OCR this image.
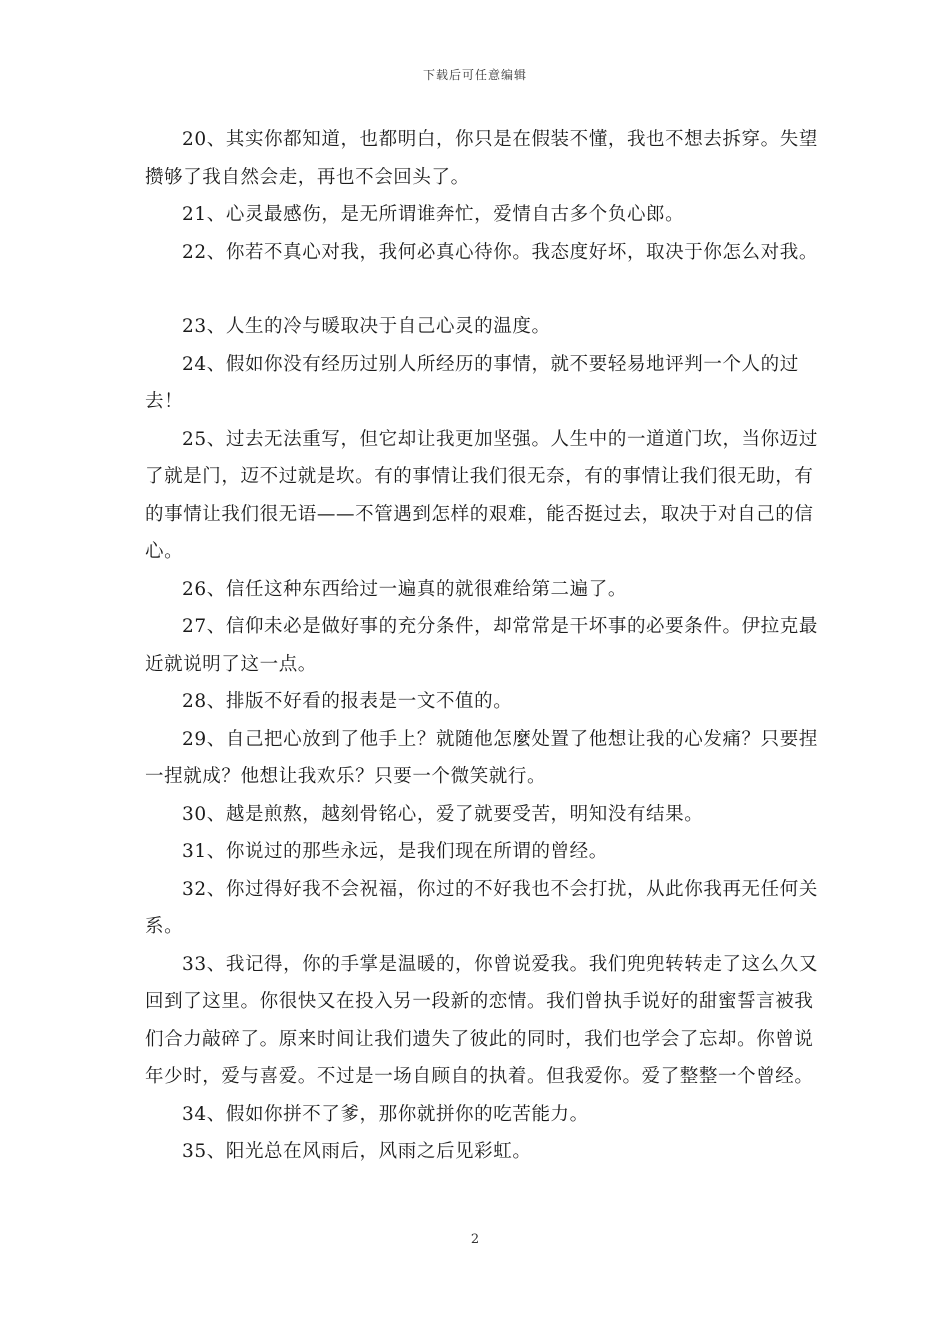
下载后可任意编辑

20、其实你都知道，也都明白，你只是在假装不懂，我也不想去拆穿。失望攒够了我自然会走，再也不会回头了。

21、心灵最感伤，是无所谓谁奔忙，爱情自古多个负心郎。

22、你若不真心对我，我何必真心待你。我态度好坏，取决于你怎么对我。

23、人生的冷与暖取决于自己心灵的温度。

24、假如你没有经历过别人所经历的事情，就不要轻易地评判一个人的过去！

25、过去无法重写，但它却让我更加坚强。人生中的一道道门坎，当你迈过了就是门，迈不过就是坎。有的事情让我们很无奈，有的事情让我们很无助，有的事情让我们很无语——不管遇到怎样的艰难，能否挺过去，取决于对自己的信心。

26、信任这种东西给过一遍真的就很难给第二遍了。

27、信仰未必是做好事的充分条件，却常常是干坏事的必要条件。伊拉克最近就说明了这一点。

28、排版不好看的报表是一文不值的。

29、自己把心放到了他手上？就随他怎麼处置了他想让我的心发痛？只要捏一捏就成？他想让我欢乐？只要一个微笑就行。

30、越是煎熬，越刻骨铭心，爱了就要受苦，明知没有结果。

31、你说过的那些永远，是我们现在所谓的曾经。

32、你过得好我不会祝福，你过的不好我也不会打扰，从此你我再无任何关系。

33、我记得，你的手掌是温暖的，你曾说爱我。我们兜兜转转走了这么久又回到了这里。你很快又在投入另一段新的恋情。我们曾执手说好的甜蜜誓言被我们合力敲碎了。原来时间让我们遗失了彼此的同时，我们也学会了忘却。你曾说年少时，爱与喜爱。不过是一场自顾自的执着。但我爱你。爱了整整一个曾经。

34、假如你拼不了爹，那你就拼你的吃苦能力。

35、阳光总在风雨后，风雨之后见彩虹。

2
